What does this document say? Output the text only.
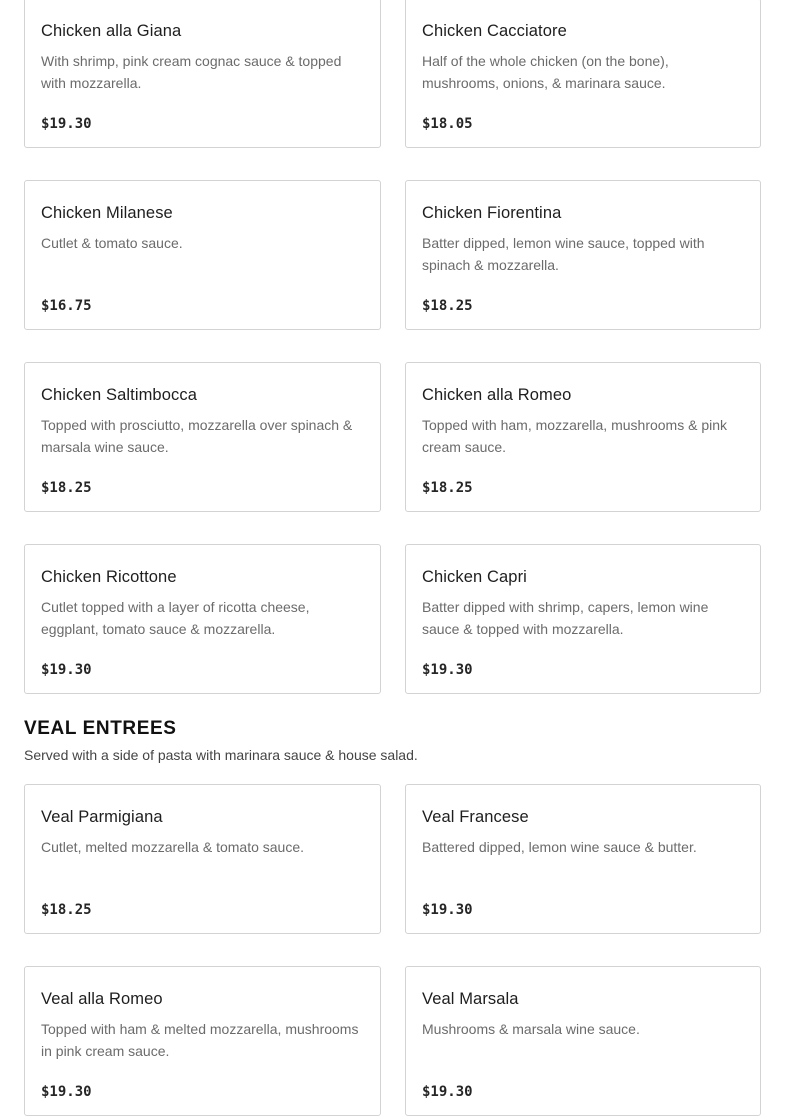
Chicken alla Giana
With shrimp, pink cream cognac sauce & topped with mozzarella.
$19.30
Chicken Cacciatore
Half of the whole chicken (on the bone), mushrooms, onions, & marinara sauce.
$18.05
Chicken Milanese
Cutlet & tomato sauce.
$16.75
Chicken Fiorentina
Batter dipped, lemon wine sauce, topped with spinach & mozzarella.
$18.25
Chicken Saltimbocca
Topped with prosciutto, mozzarella over spinach & marsala wine sauce.
$18.25
Chicken alla Romeo
Topped with ham, mozzarella, mushrooms & pink cream sauce.
$18.25
Chicken Ricottone
Cutlet topped with a layer of ricotta cheese, eggplant, tomato sauce & mozzarella.
$19.30
Chicken Capri
Batter dipped with shrimp, capers, lemon wine sauce & topped with mozzarella.
$19.30
VEAL ENTREES
Served with a side of pasta with marinara sauce & house salad.
Veal Parmigiana
Cutlet, melted mozzarella & tomato sauce.
$18.25
Veal Francese
Battered dipped, lemon wine sauce & butter.
$19.30
Veal alla Romeo
Topped with ham & melted mozzarella, mushrooms in pink cream sauce.
$19.30
Veal Marsala
Mushrooms & marsala wine sauce.
$19.30
